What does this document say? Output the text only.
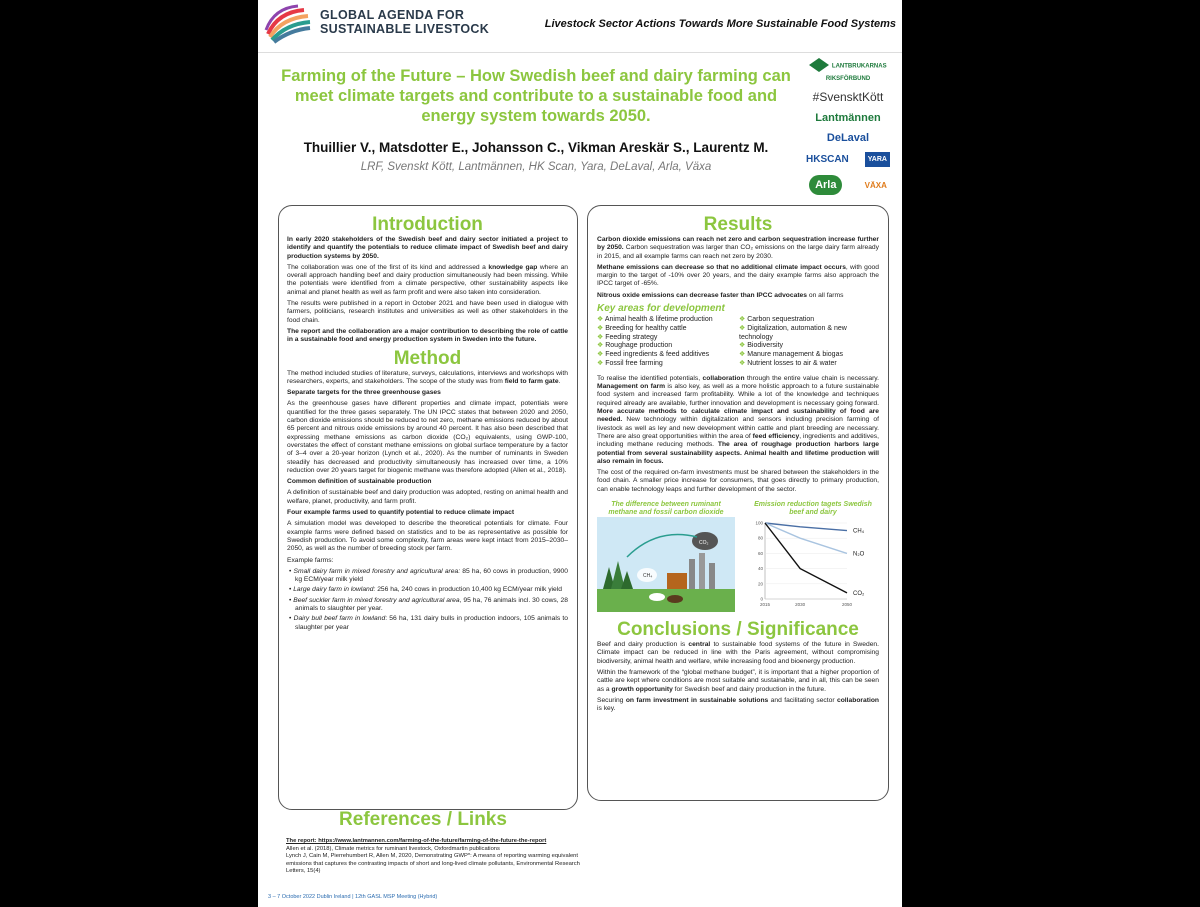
GLOBAL AGENDA FOR
SUSTAINABLE LIVESTOCK	Livestock Sector Actions Towards More Sustainable Food Systems
Farming of the Future – How Swedish beef and dairy farming can meet climate targets and contribute to a sustainable food and energy system towards 2050.
Thuillier V., Matsdotter E., Johansson C., Vikman Areskär S., Laurentz M.
LRF, Svenskt Kött, Lantmännen, HK Scan, Yara, DeLaval, Arla, Växa
LANTBRUKARNAS RIKSFÖRBUND
#SvensktKött
Lantmännen
DeLaval
HKSCAN	YARA
Arla	VÄXA
Introduction

In early 2020 stakeholders of the Swedish beef and dairy sector initiated a project to identify and quantify the potentials to reduce climate impact of Swedish beef and dairy production systems by 2050.

The collaboration was one of the first of its kind and addressed a knowledge gap where an overall approach handling beef and dairy production simultaneously had been missing. While the potentials were identified from a climate perspective, other sustainability aspects like animal and planet health as well as farm profit and were also taken into consideration.

The results were published in a report in October 2021 and have been used in dialogue with farmers, politicians, research institutes and universities as well as other stakeholders in the food chain.

The report and the collaboration are a major contribution to describing the role of cattle in a sustainable food and energy production system in Sweden into the future.

Method

The method included studies of literature, surveys, calculations, interviews and workshops with researchers, experts, and stakeholders. The scope of the study was from field to farm gate.

Separate targets for the three greenhouse gases

As the greenhouse gases have different properties and climate impact, potentials were quantified for the three gases separately. The UN IPCC states that between 2020 and 2050, carbon dioxide emissions should be reduced to net zero, methane emissions reduced by about 65 percent and nitrous oxide emissions by around 40 percent. It has also been described that expressing methane emissions as carbon dioxide (CO₂) equivalents, using GWP-100, overstates the effect of constant methane emissions on global surface temperature by a factor of 3–4 over a 20-year horizon (Lynch et al., 2020). As the number of ruminants in Sweden steadily has decreased and productivity simultaneously has increased over time, a 10% reduction over 20 years target for biogenic methane was therefore adopted (Allen et al., 2018).

Common definition of sustainable production

A definition of sustainable beef and dairy production was adopted, resting on animal health and welfare, planet, productivity, and farm profit.

Four example farms used to quantify potential to reduce climate impact

A simulation model was developed to describe the theoretical potentials for climate. Four example farms were defined based on statistics and to be as representative as possible for Swedish production. To avoid some complexity, farm areas were kept intact from 2015–2030–2050, as well as the number of breeding stock per farm.

Example farms:

• Small dairy farm in mixed forestry and agricultural area: 85 ha, 60 cows in production, 9900 kg ECM/year milk yield

• Large dairy farm in lowland: 256 ha, 240 cows in production 10,400 kg ECM/year milk yield

• Beef suckler farm in mixed forestry and agricultural area, 95 ha, 76 animals incl. 30 cows, 28 animals to slaughter per year.

• Dairy bull beef farm in lowland: 56 ha, 131 dairy bulls in production indoors, 105 animals to slaughter per year

Results

Carbon dioxide emissions can reach net zero and carbon sequestration increase further by 2050. Carbon sequestration was larger than CO₂ emissions on the large dairy farm already in 2015, and all example farms can reach net zero by 2030.

Methane emissions can decrease so that no additional climate impact occurs, with good margin to the target of -10% over 20 years, and the dairy example farms also approach the IPCC target of -65%.

Nitrous oxide emissions can decrease faster than IPCC advocates on all farms

Key areas for development
❖ Animal health & lifetime production
❖ Breeding for healthy cattle
❖ Feeding strategy
❖ Roughage production
❖ Feed ingredients & feed additives
❖ Fossil free farming
❖ Carbon sequestration
❖ Digitalization, automation & new technology
❖ Biodiversity
❖ Manure management & biogas
❖ Nutrient losses to air & water

To realise the identified potentials, collaboration through the entire value chain is necessary. Management on farm is also key, as well as a more holistic approach to a future sustainable food system and increased farm profitability. While a lot of the knowledge and techniques required already are available, further innovation and development is necessary going forward. More accurate methods to calculate climate impact and sustainability of food are needed. New technology within digitalization and sensors including precision farming of livestock as well as ley and new development within cattle and plant breeding are necessary. There are also great opportunities within the area of feed efficiency, ingredients and additives, including methane reducing methods. The area of roughage production harbors large potential from several sustainability aspects. Animal health and lifetime production will also remain in focus.

The cost of the required on-farm investments must be shared between the stakeholders in the food chain. A smaller price increase for consumers, that goes directly to primary production, can enable technology leaps and further development of the sector.

The difference between ruminant methane and fossil carbon dioxide
CH₄
CO₂
Emission reduction tagets Swedish beef and dairy
100
80
60
40
20
0
2015	2030	2050
CH₄
N₂O
CO₂
Conclusions / Significance

Beef and dairy production is central to sustainable food systems of the future in Sweden. Climate impact can be reduced in line with the Paris agreement, without compromising biodiversity, animal health and welfare, while increasing food and bioenergy production.

Within the framework of the “global methane budget”, it is important that a higher proportion of cattle are kept where conditions are most suitable and sustainable, and in all, this can be seen as a growth opportunity for Swedish beef and dairy production in the future.

Securing on farm investment in sustainable solutions and facilitating sector collaboration is key.

References / Links
The report: https://www.lantmannen.com/farming-of-the-future/farming-of-the-future-the-report
Allen et al. (2018), Climate metrics for ruminant livestock, Oxfordmartin publications
Lynch J, Cain M, Pierrehumbert R, Allen M, 2020, Demonstrating GWP*: A means of reporting warming equivalent emissions that captures the contrasting impacts of short and long-lived climate pollutants, Environmental Research Letters, 15(4)
3 – 7 October 2022 Dublin Ireland | 12th GASL MSP Meeting (Hybrid)
